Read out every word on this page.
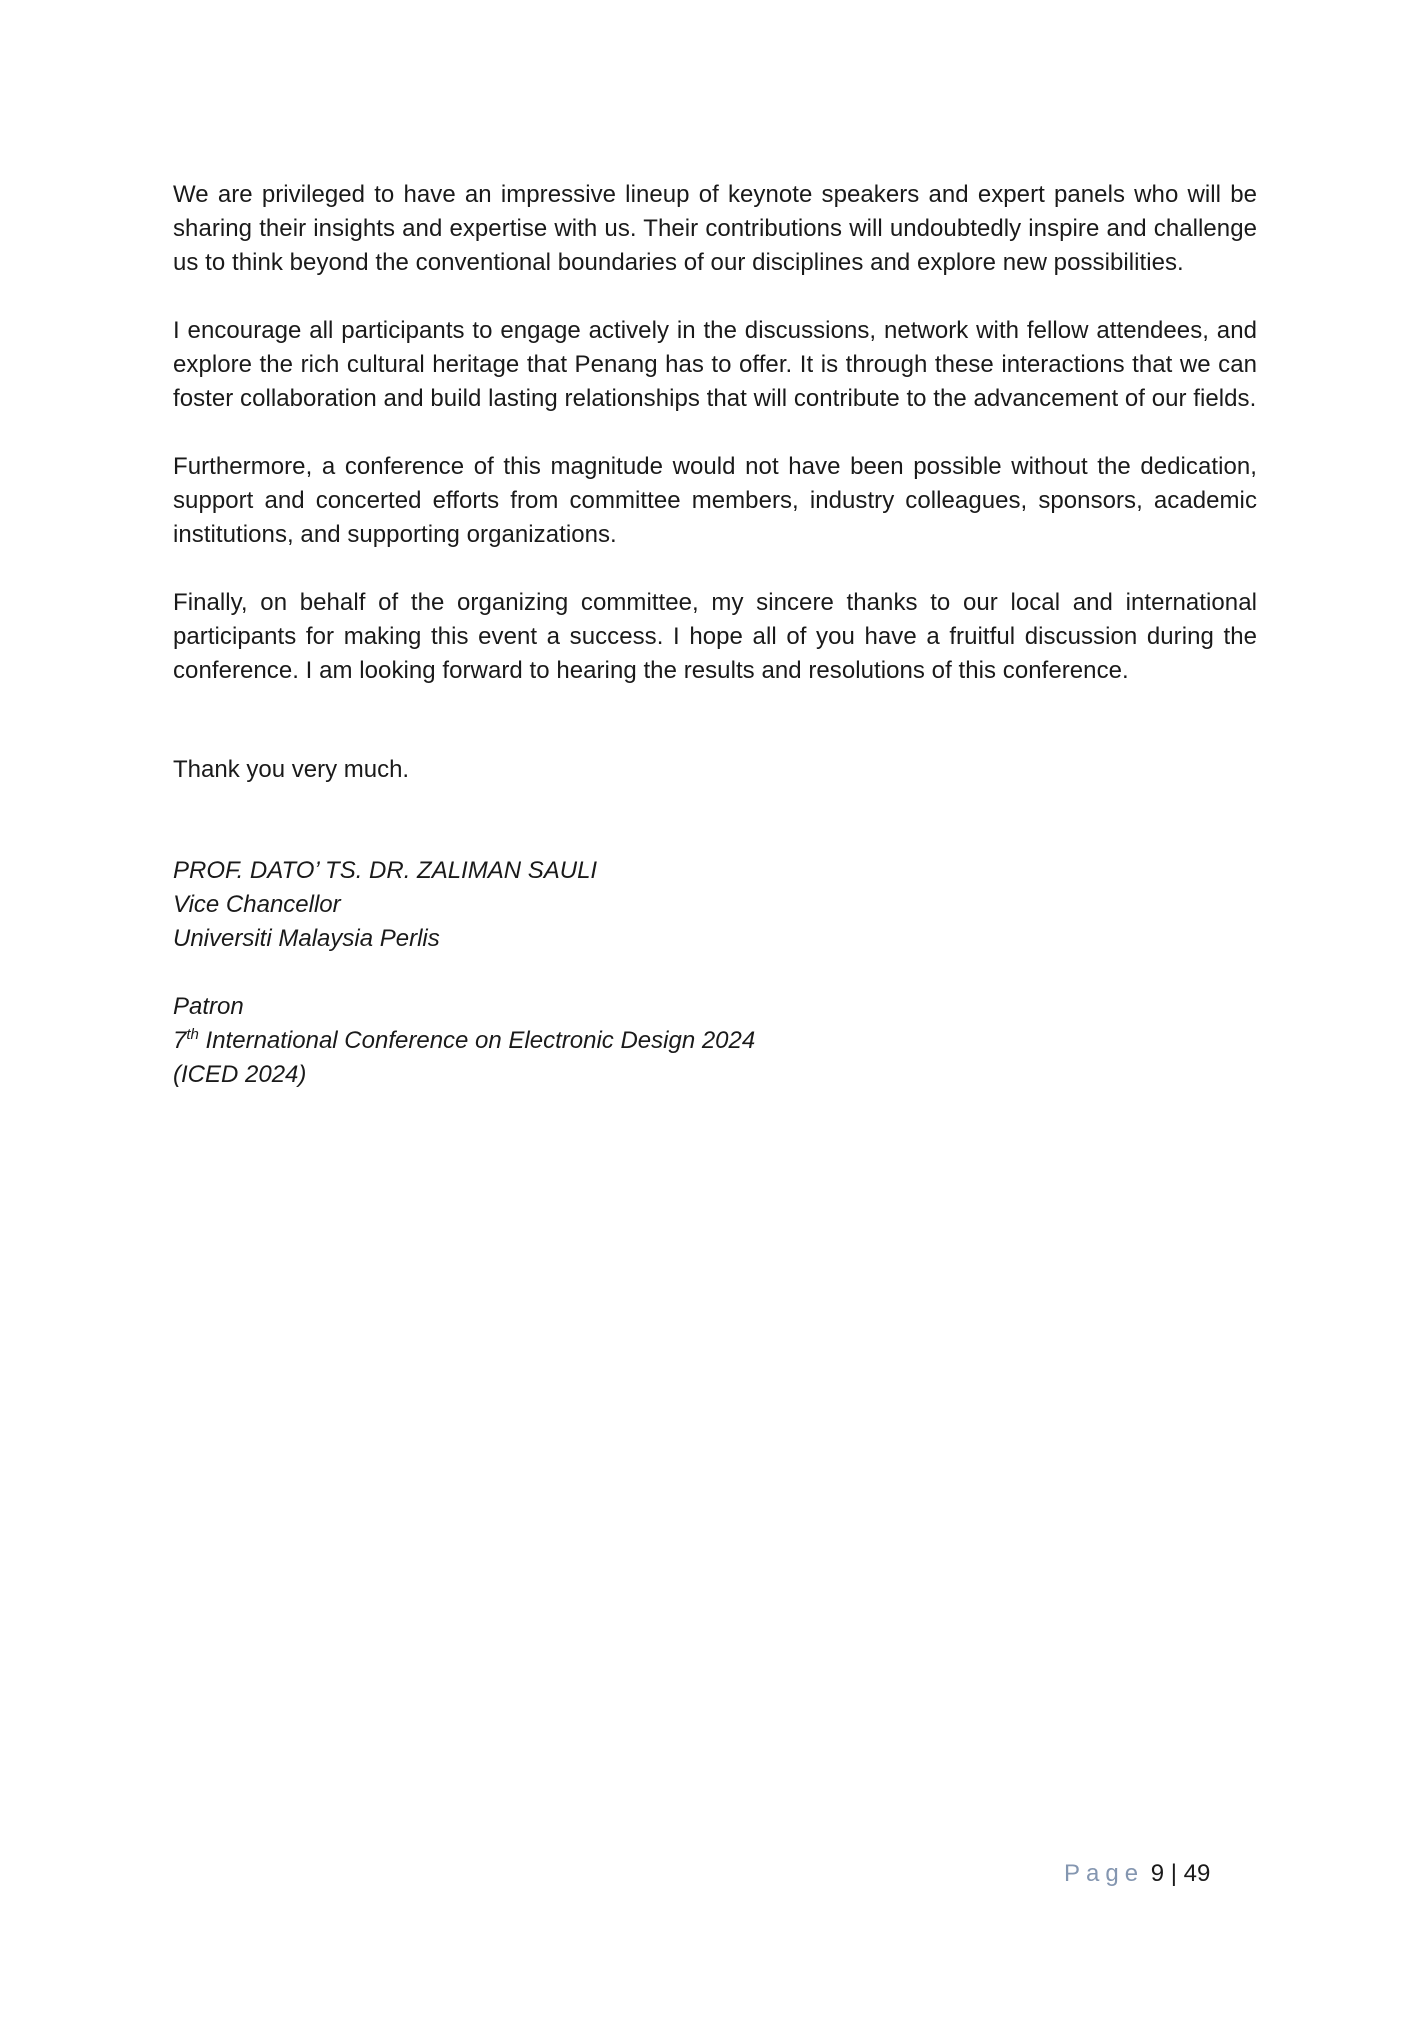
We are privileged to have an impressive lineup of keynote speakers and expert panels who will be sharing their insights and expertise with us. Their contributions will undoubtedly inspire and challenge us to think beyond the conventional boundaries of our disciplines and explore new possibilities.

I encourage all participants to engage actively in the discussions, network with fellow attendees, and explore the rich cultural heritage that Penang has to offer. It is through these interactions that we can foster collaboration and build lasting relationships that will contribute to the advancement of our fields.

Furthermore, a conference of this magnitude would not have been possible without the dedication, support and concerted efforts from committee members, industry colleagues, sponsors, academic institutions, and supporting organizations.

Finally, on behalf of the organizing committee, my sincere thanks to our local and international participants for making this event a success. I hope all of you have a fruitful discussion during the conference. I am looking forward to hearing the results and resolutions of this conference.

Thank you very much.

PROF. DATO’ TS. DR. ZALIMAN SAULI
Vice Chancellor
Universiti Malaysia Perlis
Patron
7th International Conference on Electronic Design 2024
(ICED 2024)
Page 9 | 49
